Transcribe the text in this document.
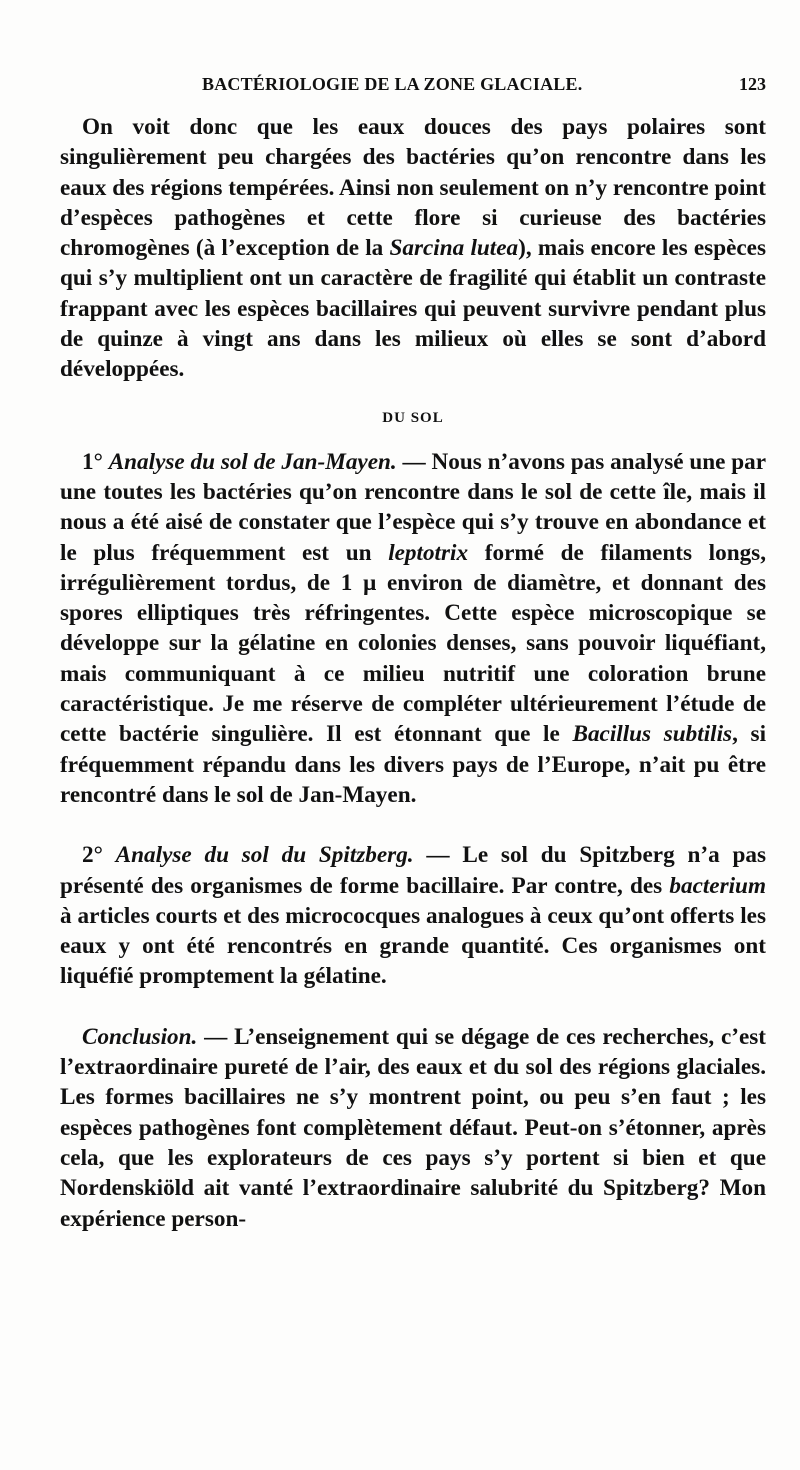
BACTÉRIOLOGIE DE LA ZONE GLACIALE.	123

On voit donc que les eaux douces des pays polaires sont singulièrement peu chargées des bactéries qu’on rencontre dans les eaux des régions tempérées. Ainsi non seulement on n’y rencontre point d’espèces pathogènes et cette flore si curieuse des bactéries chromogènes (à l’exception de la Sarcina lutea), mais encore les espèces qui s’y multiplient ont un caractère de fragilité qui établit un contraste frappant avec les espèces bacillaires qui peuvent survivre pendant plus de quinze à vingt ans dans les milieux où elles se sont d’abord développées.

DU SOL

1° Analyse du sol de Jan-Mayen. — Nous n’avons pas analysé une par une toutes les bactéries qu’on rencontre dans le sol de cette île, mais il nous a été aisé de constater que l’espèce qui s’y trouve en abondance et le plus fréquemment est un leptotrix formé de filaments longs, irrégulièrement tordus, de 1 µ environ de diamètre, et donnant des spores elliptiques très réfringentes. Cette espèce microscopique se développe sur la gélatine en colonies denses, sans pouvoir liquéfiant, mais communiquant à ce milieu nutritif une coloration brune caractéristique. Je me réserve de compléter ultérieurement l’étude de cette bactérie singulière. Il est étonnant que le Bacillus subtilis, si fréquemment répandu dans les divers pays de l’Europe, n’ait pu être rencontré dans le sol de Jan-Mayen.

2° Analyse du sol du Spitzberg. — Le sol du Spitzberg n’a pas présenté des organismes de forme bacillaire. Par contre, des bacterium à articles courts et des micrococques analogues à ceux qu’ont offerts les eaux y ont été rencontrés en grande quantité. Ces organismes ont liquéfié promptement la gélatine.

Conclusion. — L’enseignement qui se dégage de ces recherches, c’est l’extraordinaire pureté de l’air, des eaux et du sol des régions glaciales. Les formes bacillaires ne s’y montrent point, ou peu s’en faut ; les espèces pathogènes font complètement défaut. Peut-on s’étonner, après cela, que les explorateurs de ces pays s’y portent si bien et que Nordenskiöld ait vanté l’extraordinaire salubrité du Spitzberg? Mon expérience person-
